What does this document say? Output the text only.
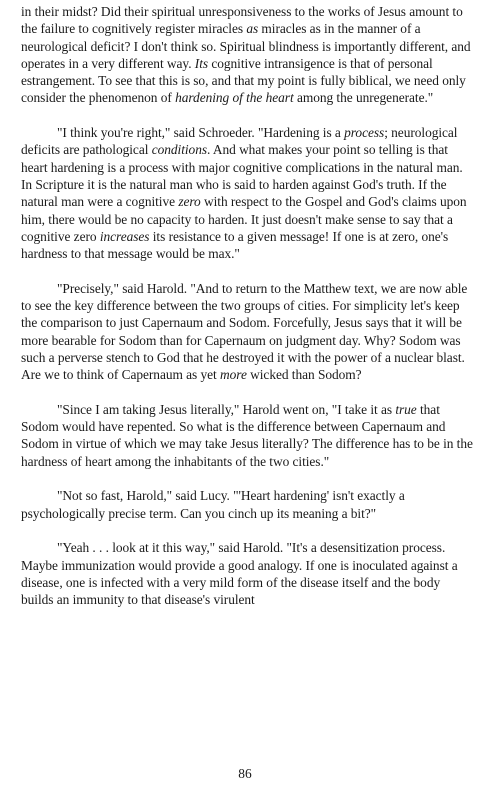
in their midst? Did their spiritual unresponsiveness to the works of Jesus amount to the failure to cognitively register miracles as miracles as in the manner of a neurological deficit? I don't think so. Spiritual blindness is importantly different, and operates in a very different way. Its cognitive intransigence is that of personal estrangement. To see that this is so, and that my point is fully biblical, we need only consider the phenomenon of hardening of the heart among the unregenerate."

"I think you're right," said Schroeder. "Hardening is a process; neurological deficits are pathological conditions. And what makes your point so telling is that heart hardening is a process with major cognitive complications in the natural man. In Scripture it is the natural man who is said to harden against God's truth. If the natural man were a cognitive zero with respect to the Gospel and God's claims upon him, there would be no capacity to harden. It just doesn't make sense to say that a cognitive zero increases its resistance to a given message! If one is at zero, one's hardness to that message would be max."

"Precisely," said Harold. "And to return to the Matthew text, we are now able to see the key difference between the two groups of cities. For simplicity let's keep the comparison to just Capernaum and Sodom. Forcefully, Jesus says that it will be more bearable for Sodom than for Capernaum on judgment day. Why? Sodom was such a perverse stench to God that he destroyed it with the power of a nuclear blast. Are we to think of Capernaum as yet more wicked than Sodom?

"Since I am taking Jesus literally," Harold went on, "I take it as true that Sodom would have repented. So what is the difference between Capernaum and Sodom in virtue of which we may take Jesus literally? The difference has to be in the hardness of heart among the inhabitants of the two cities."

"Not so fast, Harold," said Lucy. "'Heart hardening' isn't exactly a psychologically precise term. Can you cinch up its meaning a bit?"

"Yeah . . . look at it this way," said Harold. "It's a desensitization process. Maybe immunization would provide a good analogy. If one is inoculated against a disease, one is infected with a very mild form of the disease itself and the body builds an immunity to that disease's virulent

86
